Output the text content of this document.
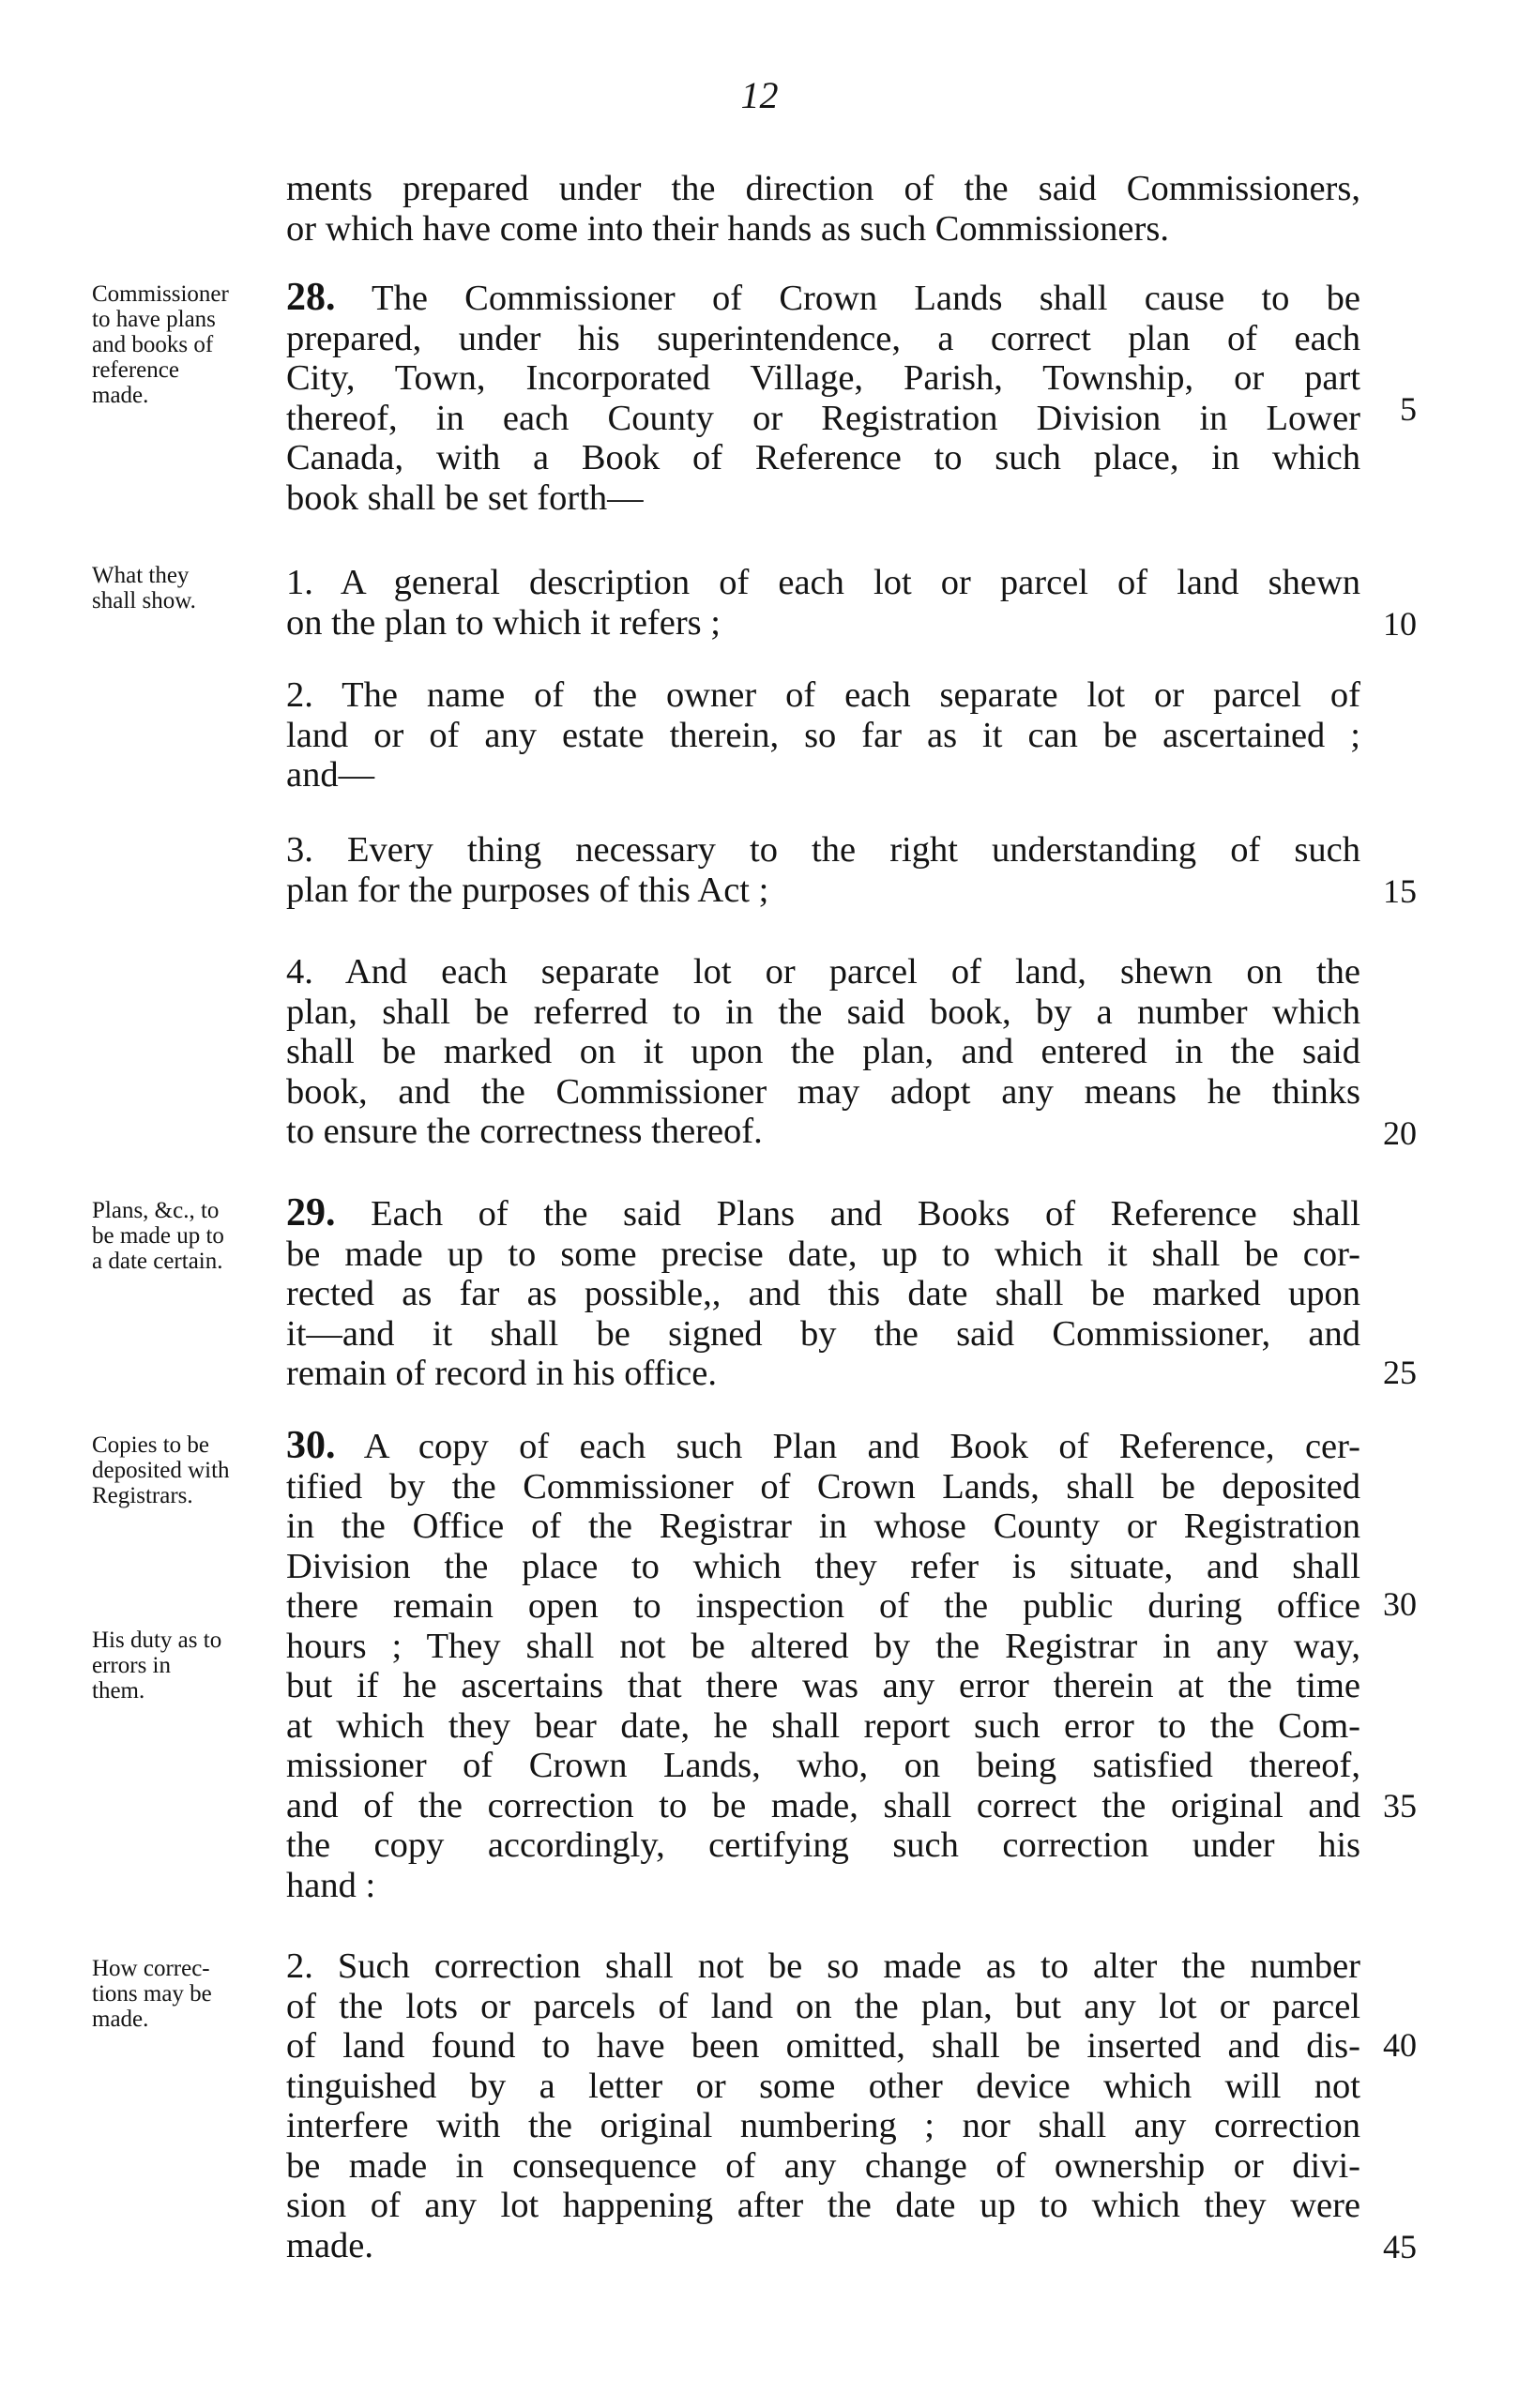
12
ments prepared under the direction of the said Commissioners,
or which have come into their hands as such Commissioners.
28. The Commissioner of Crown Lands shall cause to be
prepared, under his superintendence, a correct plan of each
City, Town, Incorporated Village, Parish, Township, or part
thereof, in each County or Registration Division in Lower
Canada, with a Book of Reference to such place, in which
book shall be set forth—
1. A general description of each lot or parcel of land shewn
on the plan to which it refers ;
2. The name of the owner of each separate lot or parcel of
land or of any estate therein, so far as it can be ascertained ;
and—
3. Every thing necessary to the right understanding of such
plan for the purposes of this Act ;
4. And each separate lot or parcel of land, shewn on the
plan, shall be referred to in the said book, by a number which
shall be marked on it upon the plan, and entered in the said
book, and the Commissioner may adopt any means he thinks
to ensure the correctness thereof.
29. Each of the said Plans and Books of Reference shall
be made up to some precise date, up to which it shall be cor-
rected as far as possible,, and this date shall be marked upon
it—and it shall be signed by the said Commissioner, and
remain of record in his office.
30. A copy of each such Plan and Book of Reference, cer-
tified by the Commissioner of Crown Lands, shall be deposited
in the Office of the Registrar in whose County or Registration
Division the place to which they refer is situate, and shall
there remain open to inspection of the public during office
hours ; They shall not be altered by the Registrar in any way,
but if he ascertains that there was any error therein at the time
at which they bear date, he shall report such error to the Com-
missioner of Crown Lands, who, on being satisfied thereof,
and of the correction to be made, shall correct the original and
the copy accordingly, certifying such correction under his
hand :
2. Such correction shall not be so made as to alter the number
of the lots or parcels of land on the plan, but any lot or parcel
of land found to have been omitted, shall be inserted and dis-
tinguished by a letter or some other device which will not
interfere with the original numbering ; nor shall any correction
be made in consequence of any change of ownership or divi-
sion of any lot happening after the date up to which they were
made.
Commissioner
to have plans
and books of
reference
made.
What they
shall show.
Plans, &c., to
be made up to
a date certain.
Copies to be
deposited with
Registrars.
His duty as to
errors in
them.
How correc-
tions may be
made.
5
10
15
20
25
30
35
40
45
